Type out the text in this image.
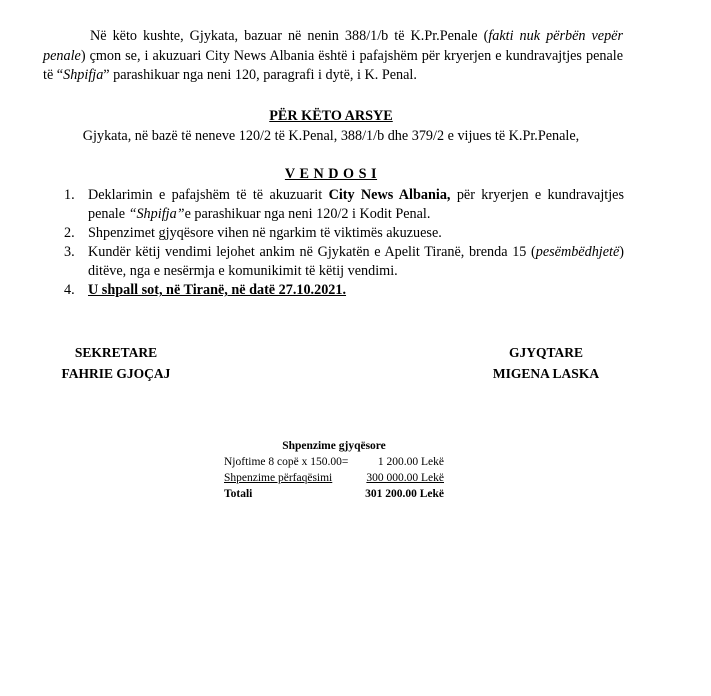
Në këto kushte, Gjykata, bazuar në nenin 388/1/b të K.Pr.Penale (fakti nuk përbën vepër penale) çmon se, i akuzuari City News Albania është i pafajshëm për kryerjen e kundravajtjes penale të “Shpifja” parashikuar nga neni 120, paragrafi i dytë, i K. Penal.
PËR KËTO ARSYE
Gjykata, në bazë të neneve 120/2 të K.Penal, 388/1/b dhe 379/2 e vijues të K.Pr.Penale,
V E N D O S I
1. Deklarimin e pafajshëm të të akuzuarit City News Albania, për kryerjen e kundravajtjes penale “Shpifja”e parashikuar nga neni 120/2 i Kodit Penal.
2. Shpenzimet gjyqësore vihen në ngarkim të viktimës akuzuese.
3. Kundër këtij vendimi lejohet ankim në Gjykatën e Apelit Tiranë, brenda 15 (pesëmbëdhjetë) ditëve, nga e nesërmja e komunikimit të këtij vendimi.
4. U shpall sot, në Tiranë, në datë 27.10.2021.
SEKRETARE
FAHRIE GJOÇAJ
GJYQTARE
MIGENA LASKA
Shpenzime gjyqësore
Njoftime 8 copë x 150.00=	1 200.00 Lekë
Shpenzime përfaqësimi	300 000.00 Lekë
Totali	301 200.00 Lekë
